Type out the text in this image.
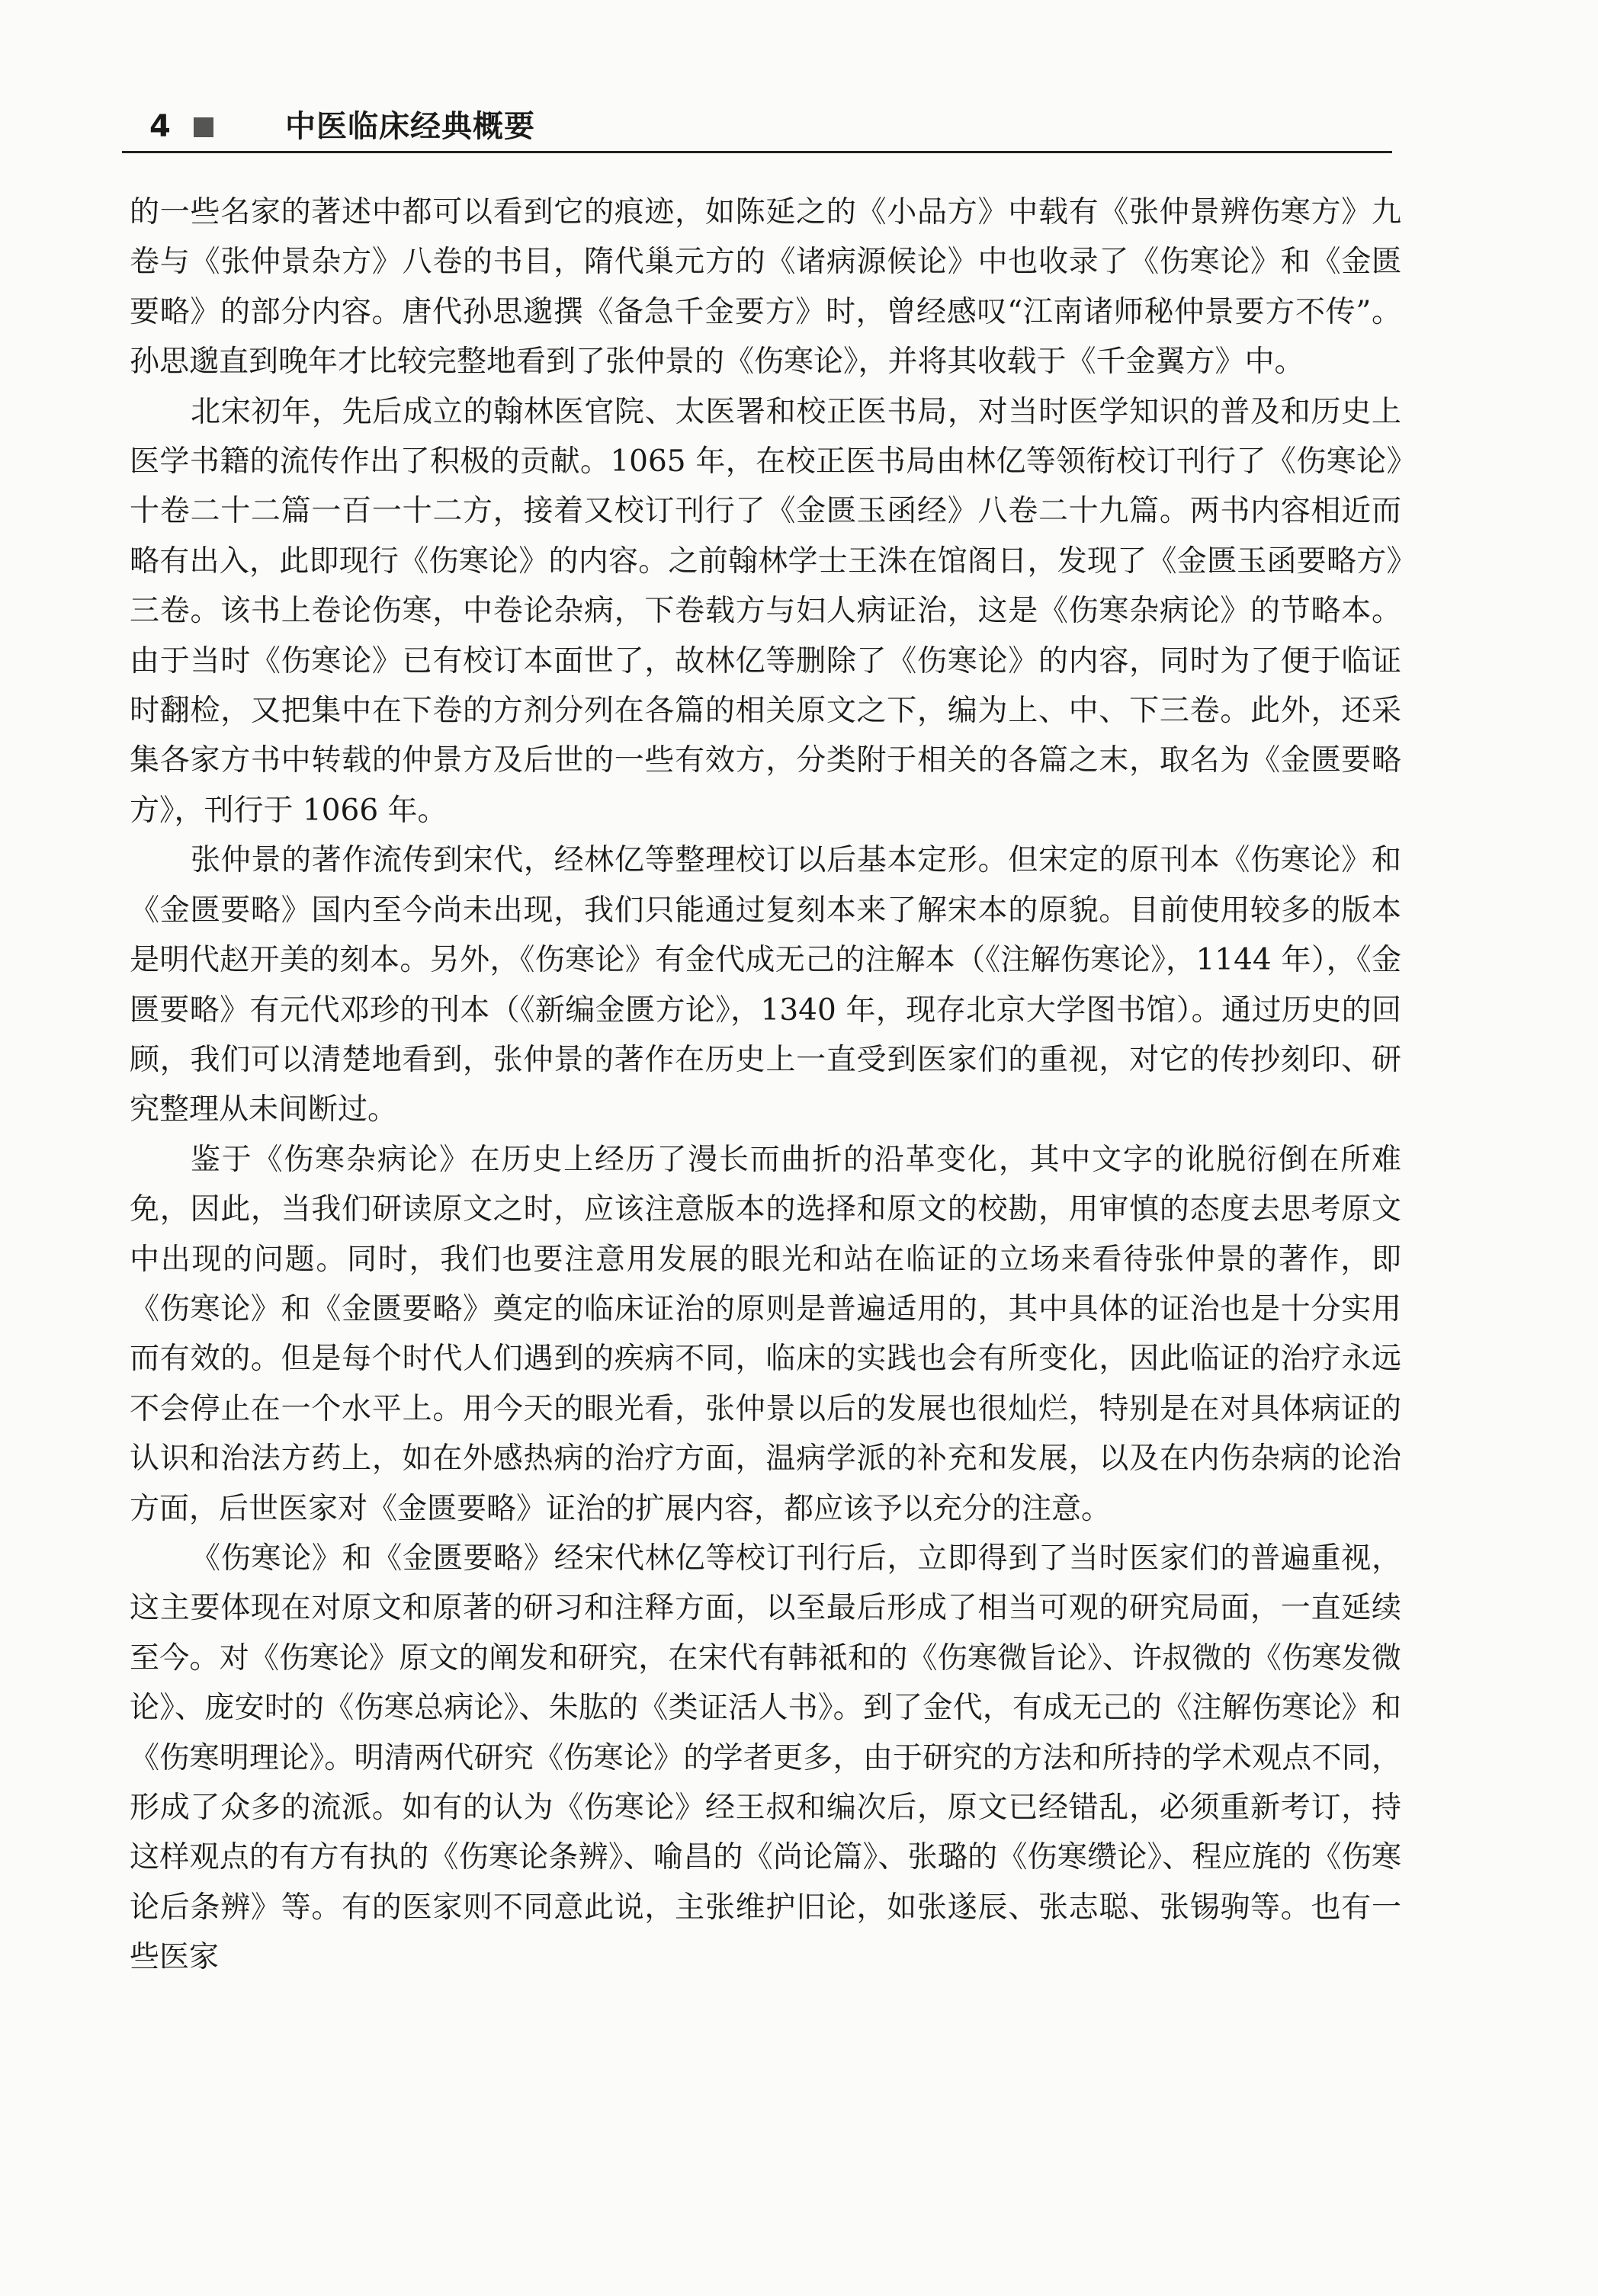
4	中医临床经典概要

的一些名家的著述中都可以看到它的痕迹，如陈延之的《小品方》中载有《张仲景辨伤寒方》九卷与《张仲景杂方》八卷的书目，隋代巢元方的《诸病源候论》中也收录了《伤寒论》和《金匮要略》的部分内容。唐代孙思邈撰《备急千金要方》时，曾经感叹“江南诸师秘仲景要方不传”。孙思邈直到晚年才比较完整地看到了张仲景的《伤寒论》，并将其收载于《千金翼方》中。

北宋初年，先后成立的翰林医官院、太医署和校正医书局，对当时医学知识的普及和历史上医学书籍的流传作出了积极的贡献。1065 年，在校正医书局由林亿等领衔校订刊行了《伤寒论》十卷二十二篇一百一十二方，接着又校订刊行了《金匮玉函经》八卷二十九篇。两书内容相近而略有出入，此即现行《伤寒论》的内容。之前翰林学士王洙在馆阁日，发现了《金匮玉函要略方》三卷。该书上卷论伤寒，中卷论杂病，下卷载方与妇人病证治，这是《伤寒杂病论》的节略本。由于当时《伤寒论》已有校订本面世了，故林亿等删除了《伤寒论》的内容，同时为了便于临证时翻检，又把集中在下卷的方剂分列在各篇的相关原文之下，编为上、中、下三卷。此外，还采集各家方书中转载的仲景方及后世的一些有效方，分类附于相关的各篇之末，取名为《金匮要略方》，刊行于 1066 年。

张仲景的著作流传到宋代，经林亿等整理校订以后基本定形。但宋定的原刊本《伤寒论》和《金匮要略》国内至今尚未出现，我们只能通过复刻本来了解宋本的原貌。目前使用较多的版本是明代赵开美的刻本。另外，《伤寒论》有金代成无己的注解本（《注解伤寒论》，1144 年），《金匮要略》有元代邓珍的刊本（《新编金匮方论》，1340 年，现存北京大学图书馆）。通过历史的回顾，我们可以清楚地看到，张仲景的著作在历史上一直受到医家们的重视，对它的传抄刻印、研究整理从未间断过。

鉴于《伤寒杂病论》在历史上经历了漫长而曲折的沿革变化，其中文字的讹脱衍倒在所难免，因此，当我们研读原文之时，应该注意版本的选择和原文的校勘，用审慎的态度去思考原文中出现的问题。同时，我们也要注意用发展的眼光和站在临证的立场来看待张仲景的著作，即《伤寒论》和《金匮要略》奠定的临床证治的原则是普遍适用的，其中具体的证治也是十分实用而有效的。但是每个时代人们遇到的疾病不同，临床的实践也会有所变化，因此临证的治疗永远不会停止在一个水平上。用今天的眼光看，张仲景以后的发展也很灿烂，特别是在对具体病证的认识和治法方药上，如在外感热病的治疗方面，温病学派的补充和发展，以及在内伤杂病的论治方面，后世医家对《金匮要略》证治的扩展内容，都应该予以充分的注意。

《伤寒论》和《金匮要略》经宋代林亿等校订刊行后，立即得到了当时医家们的普遍重视，这主要体现在对原文和原著的研习和注释方面，以至最后形成了相当可观的研究局面，一直延续至今。对《伤寒论》原文的阐发和研究，在宋代有韩祗和的《伤寒微旨论》、许叔微的《伤寒发微论》、庞安时的《伤寒总病论》、朱肱的《类证活人书》。到了金代，有成无己的《注解伤寒论》和《伤寒明理论》。明清两代研究《伤寒论》的学者更多，由于研究的方法和所持的学术观点不同，形成了众多的流派。如有的认为《伤寒论》经王叔和编次后，原文已经错乱，必须重新考订，持这样观点的有方有执的《伤寒论条辨》、喻昌的《尚论篇》、张璐的《伤寒缵论》、程应旄的《伤寒论后条辨》等。有的医家则不同意此说，主张维护旧论，如张遂辰、张志聪、张锡驹等。也有一些医家
